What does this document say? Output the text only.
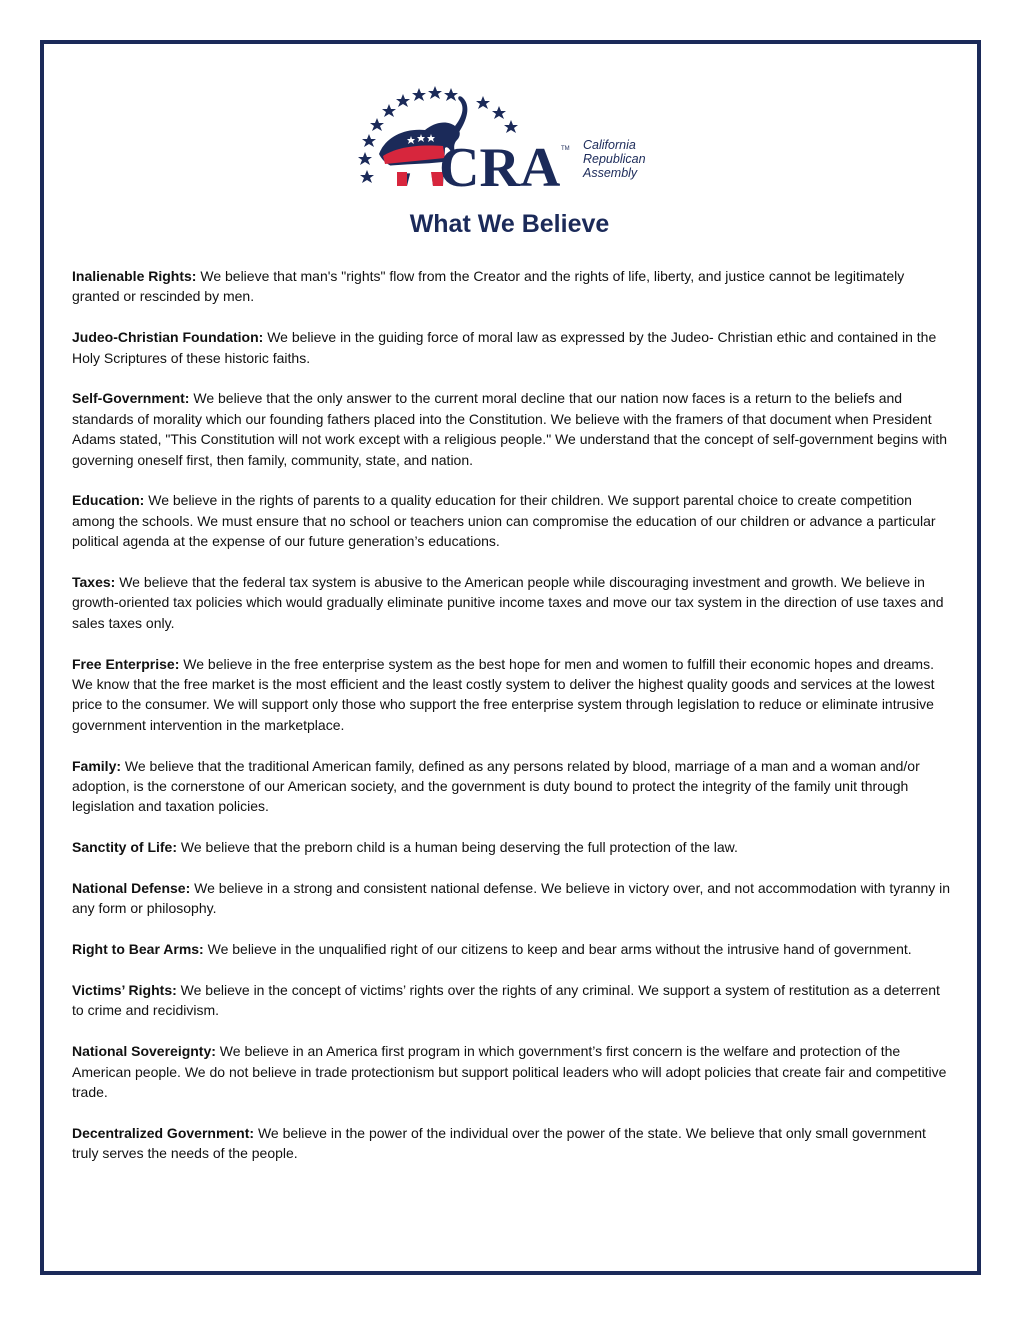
CRA TM California
Republican
Assembly
What We Believe

Inalienable Rights: We believe that man's "rights" flow from the Creator and the rights of life, liberty, and justice cannot be legitimately granted or rescinded by men.

Judeo-Christian Foundation: We believe in the guiding force of moral law as expressed by the Judeo- Christian ethic and contained in the Holy Scriptures of these historic faiths.

Self-Government: We believe that the only answer to the current moral decline that our nation now faces is a return to the beliefs and standards of morality which our founding fathers placed into the Constitution. We believe with the framers of that document when President Adams stated, "This Constitution will not work except with a religious people." We understand that the concept of self-government begins with governing oneself first, then family, community, state, and nation.

Education: We believe in the rights of parents to a quality education for their children. We support parental choice to create competition among the schools. We must ensure that no school or teachers union can compromise the education of our children or advance a particular political agenda at the expense of our future generation’s educations.

Taxes: We believe that the federal tax system is abusive to the American people while discouraging investment and growth. We believe in growth-oriented tax policies which would gradually eliminate punitive income taxes and move our tax system in the direction of use taxes and sales taxes only.

Free Enterprise: We believe in the free enterprise system as the best hope for men and women to fulfill their economic hopes and dreams. We know that the free market is the most efficient and the least costly system to deliver the highest quality goods and services at the lowest price to the consumer. We will support only those who support the free enterprise system through legislation to reduce or eliminate intrusive government intervention in the marketplace.

Family: We believe that the traditional American family, defined as any persons related by blood, marriage of a man and a woman and/or adoption, is the cornerstone of our American society, and the government is duty bound to protect the integrity of the family unit through legislation and taxation policies.

Sanctity of Life: We believe that the preborn child is a human being deserving the full protection of the law.

National Defense: We believe in a strong and consistent national defense. We believe in victory over, and not accommodation with tyranny in any form or philosophy.

Right to Bear Arms: We believe in the unqualified right of our citizens to keep and bear arms without the intrusive hand of government.

Victims’ Rights: We believe in the concept of victims’ rights over the rights of any criminal. We support a system of restitution as a deterrent to crime and recidivism.

National Sovereignty: We believe in an America first program in which government’s first concern is the welfare and protection of the American people. We do not believe in trade protectionism but support political leaders who will adopt policies that create fair and competitive trade.

Decentralized Government: We believe in the power of the individual over the power of the state. We believe that only small government truly serves the needs of the people.
